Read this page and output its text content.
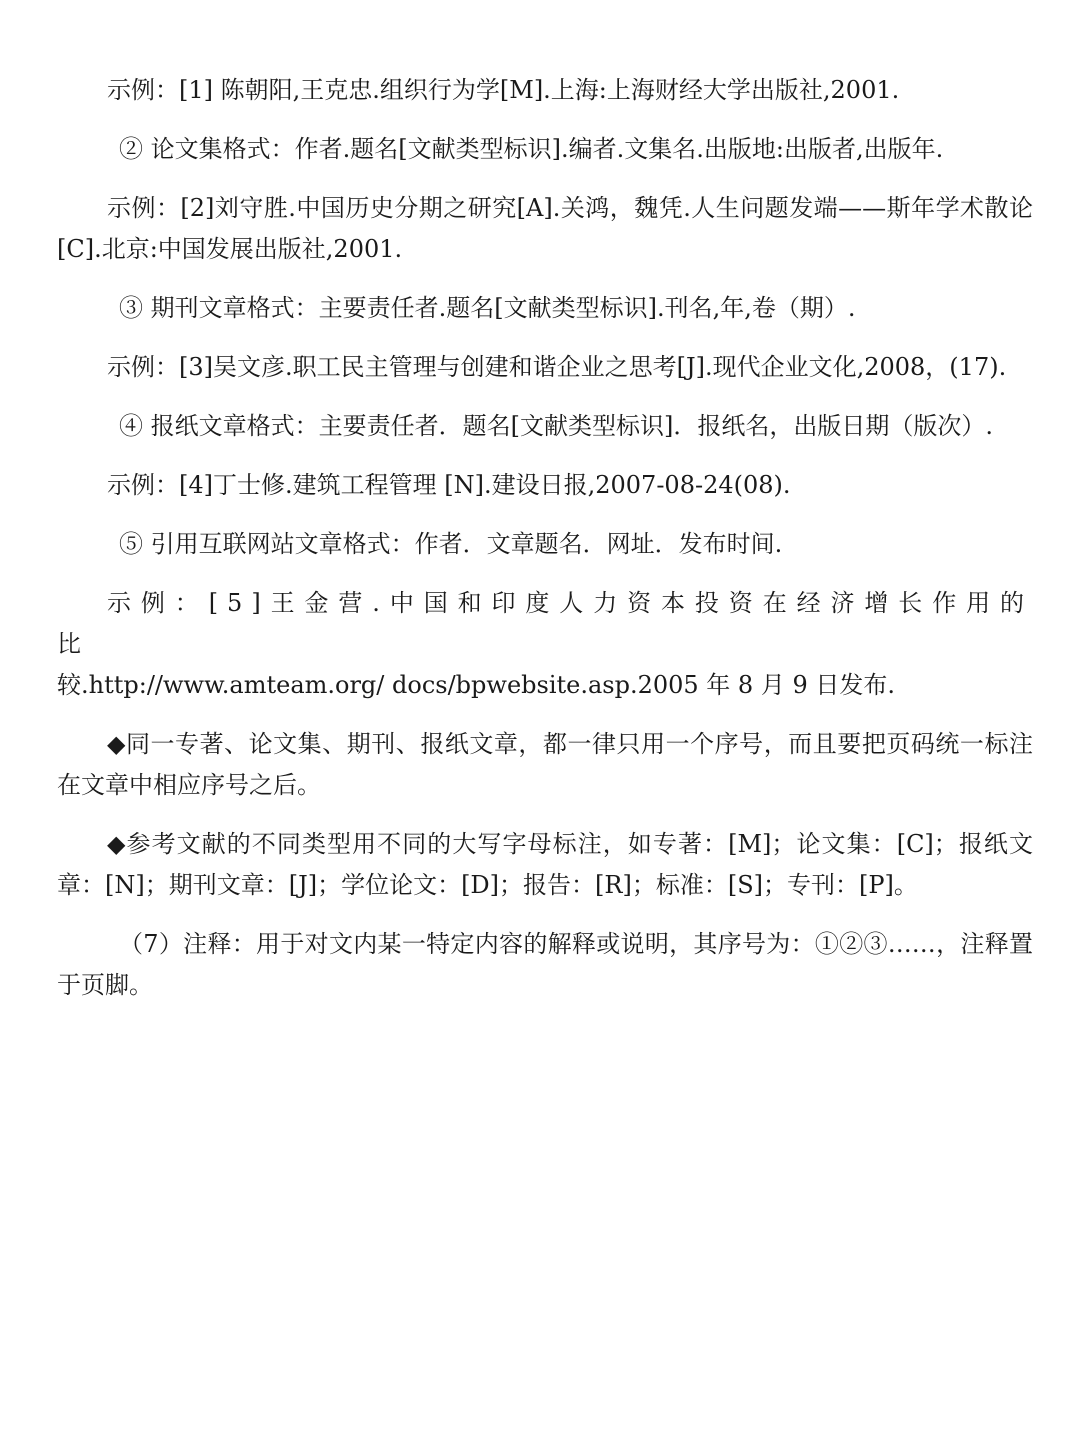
示例：[1] 陈朝阳,王克忠.组织行为学[M].上海:上海财经大学出版社,2001.

② 论文集格式：作者.题名[文献类型标识].编者.文集名.出版地:出版者,出版年.

示例：[2]刘守胜.中国历史分期之研究[A].关鸿，魏凭.人生问题发端——斯年学术散论[C].北京:中国发展出版社,2001.

③ 期刊文章格式：主要责任者.题名[文献类型标识].刊名,年,卷（期）.

示例：[3]吴文彦.职工民主管理与创建和谐企业之思考[J].现代企业文化,2008，(17).

④ 报纸文章格式：主要责任者．题名[文献类型标识]．报纸名，出版日期（版次）.

示例：[4]丁士修.建筑工程管理 [N].建设日报,2007-08-24(08).

⑤ 引用互联网站文章格式：作者．文章题名．网址．发布时间.

示例：[5]王金营.中国和印度人力资本投资在经济增长作用的比

较.http://www.amteam.org/ docs/bpwebsite.asp.2005 年 8 月 9 日发布.

◆同一专著、论文集、期刊、报纸文章，都一律只用一个序号，而且要把页码统一标注在文章中相应序号之后。

◆参考文献的不同类型用不同的大写字母标注，如专著：[M]；论文集：[C]；报纸文章：[N]；期刊文章：[J]；学位论文：[D]；报告：[R]；标准：[S]；专刊：[P]。

（7）注释：用于对文内某一特定内容的解释或说明，其序号为：①②③……，注释置于页脚。
